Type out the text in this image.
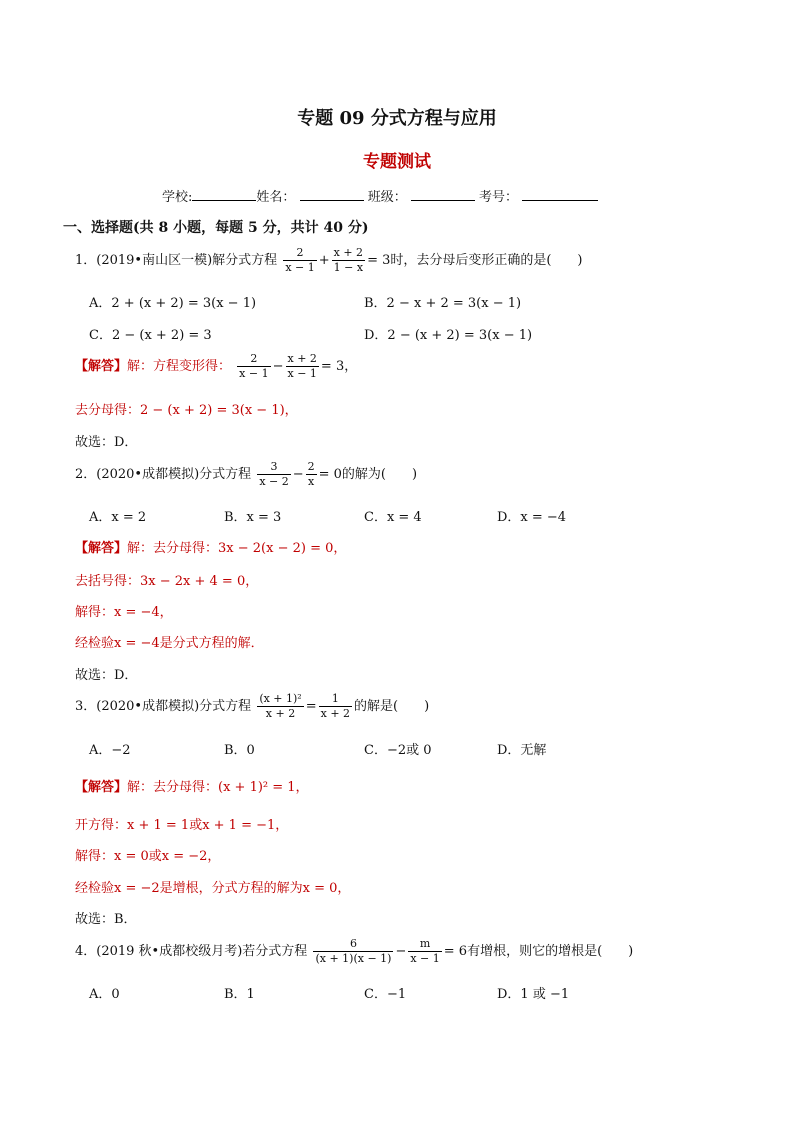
专题 09 分式方程与应用
专题测试
学校:	姓名：	班级：	考号：
一、选择题(共 8 小题，每题 5 分，共计 40 分)
1．(2019•南山区一模)解分式方程 $\frac{2}{x - 1} + \frac{x + 2}{1 - x} = 3$时，去分母后变形正确的是(　　)
A．2 + (x + 2) = 3(x − 1)	B．2 − x + 2 = 3(x − 1)
C．2 − (x + 2) = 3	D．2 − (x + 2) = 3(x − 1)
【解答】解：方程变形得： $\frac{2}{x - 1} - \frac{x + 2}{x - 1} = 3$，
去分母得：2 − (x + 2) = 3(x − 1)，
故选：D．
2．(2020•成都模拟)分式方程 $\frac{3}{x - 2} - \frac{2}{x} = 0$的解为(　　)
A．x = 2	B．x = 3	C．x = 4	D．x = −4
【解答】解：去分母得：3x − 2(x − 2) = 0，
去括号得：3x − 2x + 4 = 0，
解得：x = −4，
经检验x = −4是分式方程的解．
故选：D．
3．(2020•成都模拟)分式方程 $\frac{\text{(x + 1)²}}{x + 2} = \frac{1}{x + 2}$ 的解是(　　)
A．−2	B．0	C．−2或 0	D．无解
【解答】解：去分母得：(x + 1)² = 1，
开方得：x + 1 = 1或x + 1 = −1，
解得：x = 0或x = −2，
经检验x = −2是增根，分式方程的解为x = 0，
故选：B．
4．(2019 秋•成都校级月考)若分式方程 $\frac{6}{(x + 1)(x - 1)} - \frac{m}{x - 1} = 6$有增根，则它的增根是(　　)
A．0	B．1	C．−1	D．1 或 −1
